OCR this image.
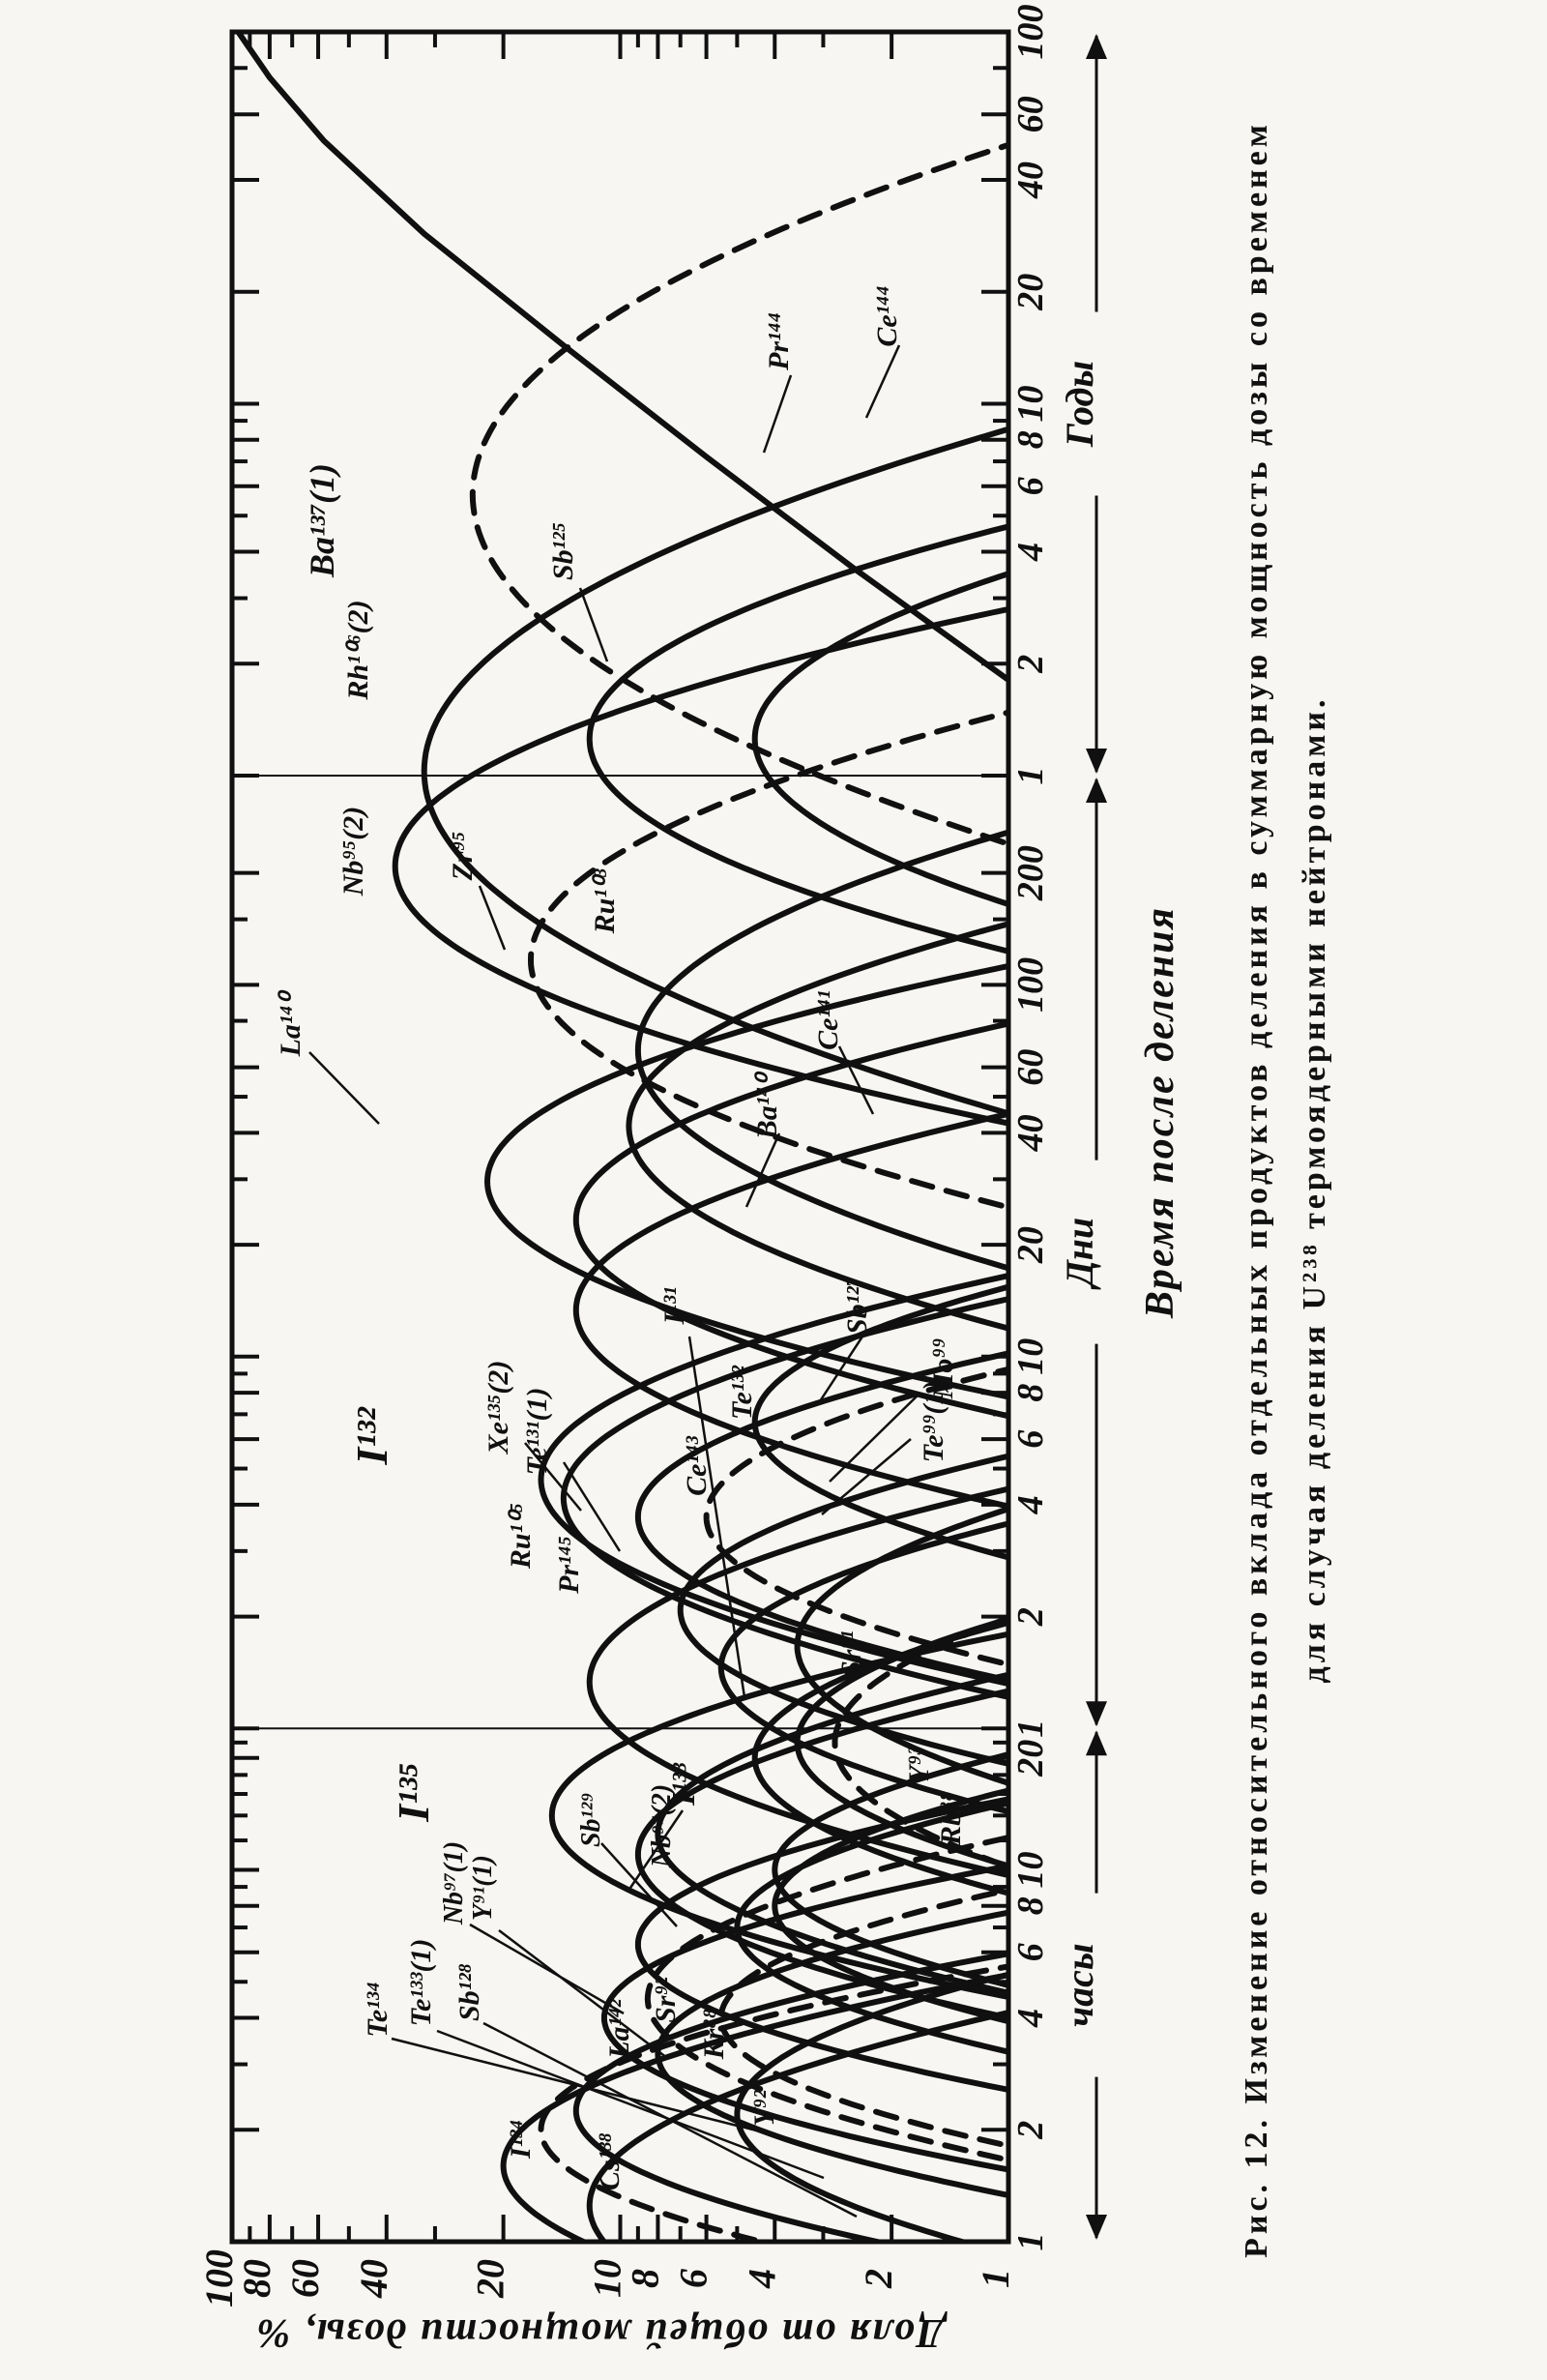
100
60
40
20
10
8
6
4
2
1
200
100
60
40
20
10
8
6
4
2
1
20
10
8
6
4
2
1
100
80 60 40 20 10
8 6 4 2 1
Годы
Дни
часы
Ba¹³⁷(1)
Rh¹⁰⁶(2)
Sb¹²⁵
Pr¹⁴⁴	Ce¹⁴⁴
Nb⁹⁵(2)	Zr⁹⁵
Ru¹⁰³
Ce¹⁴¹
Ba¹⁴⁰
La¹⁴⁰
I¹³¹	Sb¹²⁷
I¹³²
Te¹³²	Mo⁹⁹
Te⁹⁹(1)
Ce¹⁴³
Xe¹³⁵(2) Te¹³¹(1)
I¹³³
I¹³⁵	Nb⁹⁷(2)
Nb⁹⁷(1) Y⁹¹(1)
Sb¹²⁹
Sr⁹¹
Y⁹³
Rb⁸⁸
Ru¹⁰⁵ Pr¹⁴⁵
Te¹³⁴ Te¹³³(1) Sb¹²⁸
La¹⁴² Sr⁹²
Kr⁸⁸
Y⁹²
I¹³⁴ Cs¹³⁸
Время после деления
Доля от общей мощности дозы, %
Рис. 12. Изменение относительного вклада отдельных продуктов деления в суммарную мощность дозы со временем для случая деления U²³⁸ термоядерными нейтронами.
